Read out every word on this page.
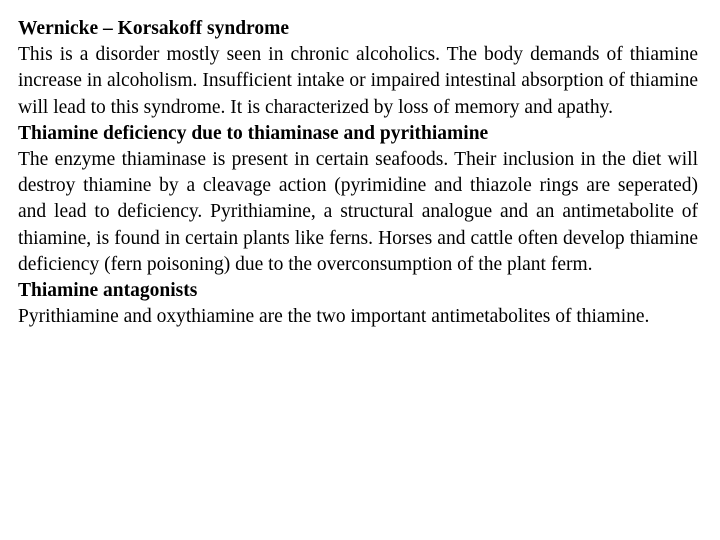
Wernicke – Korsakoff syndrome

This is a disorder mostly seen in chronic alcoholics. The body demands of thiamine increase in alcoholism. Insufficient intake or impaired intestinal absorption of thiamine will lead to this syndrome. It is characterized by loss of memory and apathy.

Thiamine deficiency due to thiaminase and pyrithiamine

The enzyme thiaminase is present in certain seafoods. Their inclusion in the diet will destroy thiamine by a cleavage action (pyrimidine and thiazole rings are seperated) and lead to deficiency. Pyrithiamine, a structural analogue and an antimetabolite of thiamine, is found in certain plants like ferns. Horses and cattle often develop thiamine deficiency (fern poisoning) due to the overconsumption of the plant ferm.

Thiamine antagonists

Pyrithiamine and oxythiamine are the two important antimetabolites of thiamine.
